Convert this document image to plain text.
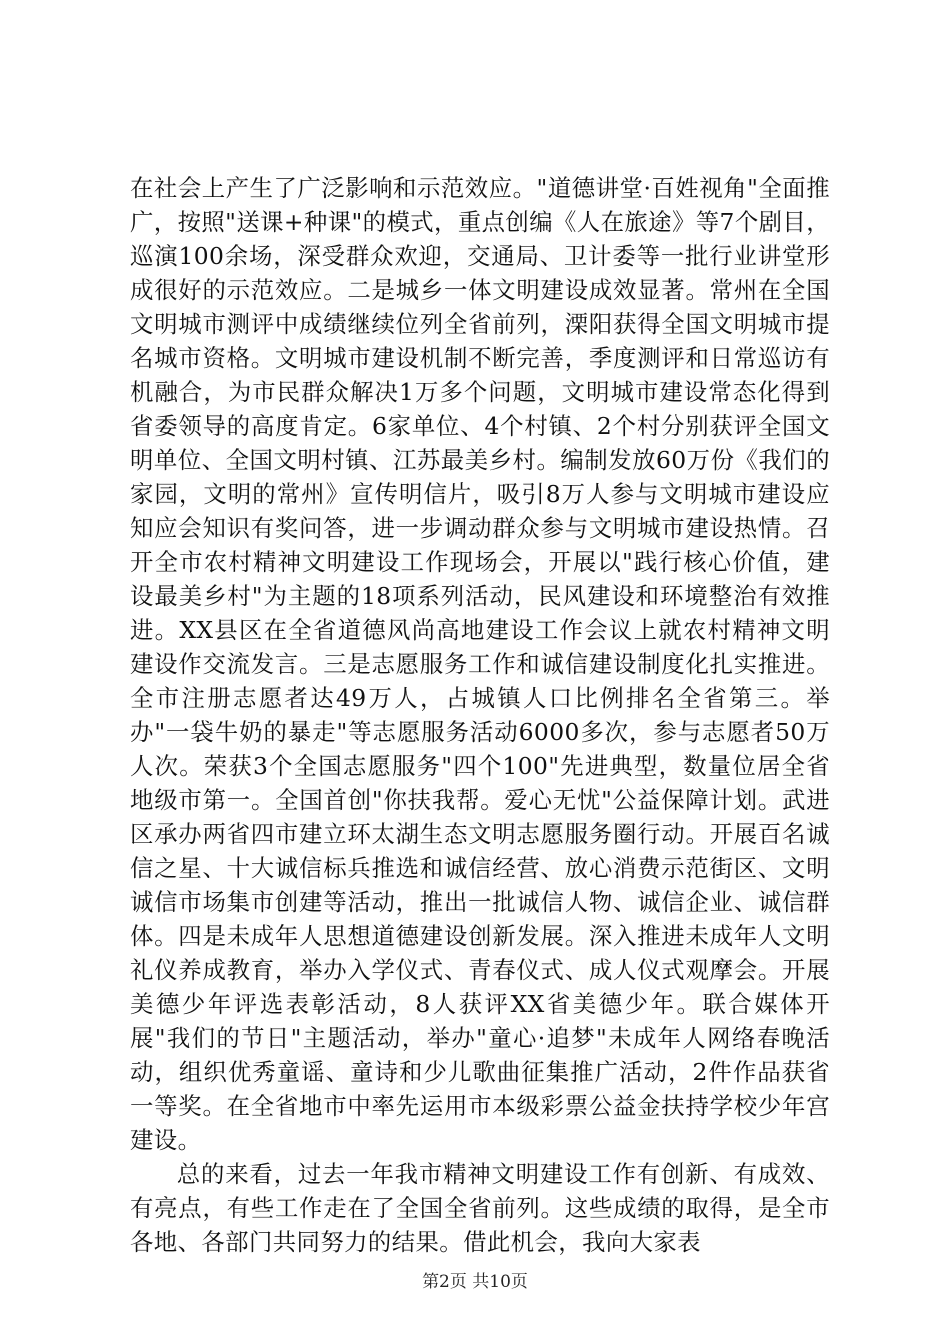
在社会上产生了广泛影响和示范效应。"道德讲堂·百姓视角"全面推广，按照"送课+种课"的模式，重点创编《人在旅途》等7个剧目，巡演100余场，深受群众欢迎，交通局、卫计委等一批行业讲堂形成很好的示范效应。二是城乡一体文明建设成效显著。常州在全国文明城市测评中成绩继续位列全省前列，溧阳获得全国文明城市提名城市资格。文明城市建设机制不断完善，季度测评和日常巡访有机融合，为市民群众解决1万多个问题，文明城市建设常态化得到省委领导的高度肯定。6家单位、4个村镇、2个村分别获评全国文明单位、全国文明村镇、江苏最美乡村。编制发放60万份《我们的家园，文明的常州》宣传明信片，吸引8万人参与文明城市建设应知应会知识有奖问答，进一步调动群众参与文明城市建设热情。召开全市农村精神文明建设工作现场会，开展以"践行核心价值，建设最美乡村"为主题的18项系列活动，民风建设和环境整治有效推进。XX县区在全省道德风尚高地建设工作会议上就农村精神文明建设作交流发言。三是志愿服务工作和诚信建设制度化扎实推进。全市注册志愿者达49万人，占城镇人口比例排名全省第三。举办"一袋牛奶的暴走"等志愿服务活动6000多次，参与志愿者50万人次。荣获3个全国志愿服务"四个100"先进典型，数量位居全省地级市第一。全国首创"你扶我帮。爱心无忧"公益保障计划。武进区承办两省四市建立环太湖生态文明志愿服务圈行动。开展百名诚信之星、十大诚信标兵推选和诚信经营、放心消费示范街区、文明诚信市场集市创建等活动，推出一批诚信人物、诚信企业、诚信群体。四是未成年人思想道德建设创新发展。深入推进未成年人文明礼仪养成教育，举办入学仪式、青春仪式、成人仪式观摩会。开展美德少年评选表彰活动，8人获评XX省美德少年。联合媒体开展"我们的节日"主题活动，举办"童心·追梦"未成年人网络春晚活动，组织优秀童谣、童诗和少儿歌曲征集推广活动，2件作品获省一等奖。在全省地市中率先运用市本级彩票公益金扶持学校少年宫建设。

总的来看，过去一年我市精神文明建设工作有创新、有成效、有亮点，有些工作走在了全国全省前列。这些成绩的取得，是全市各地、各部门共同努力的结果。借此机会，我向大家表

第2页 共10页
